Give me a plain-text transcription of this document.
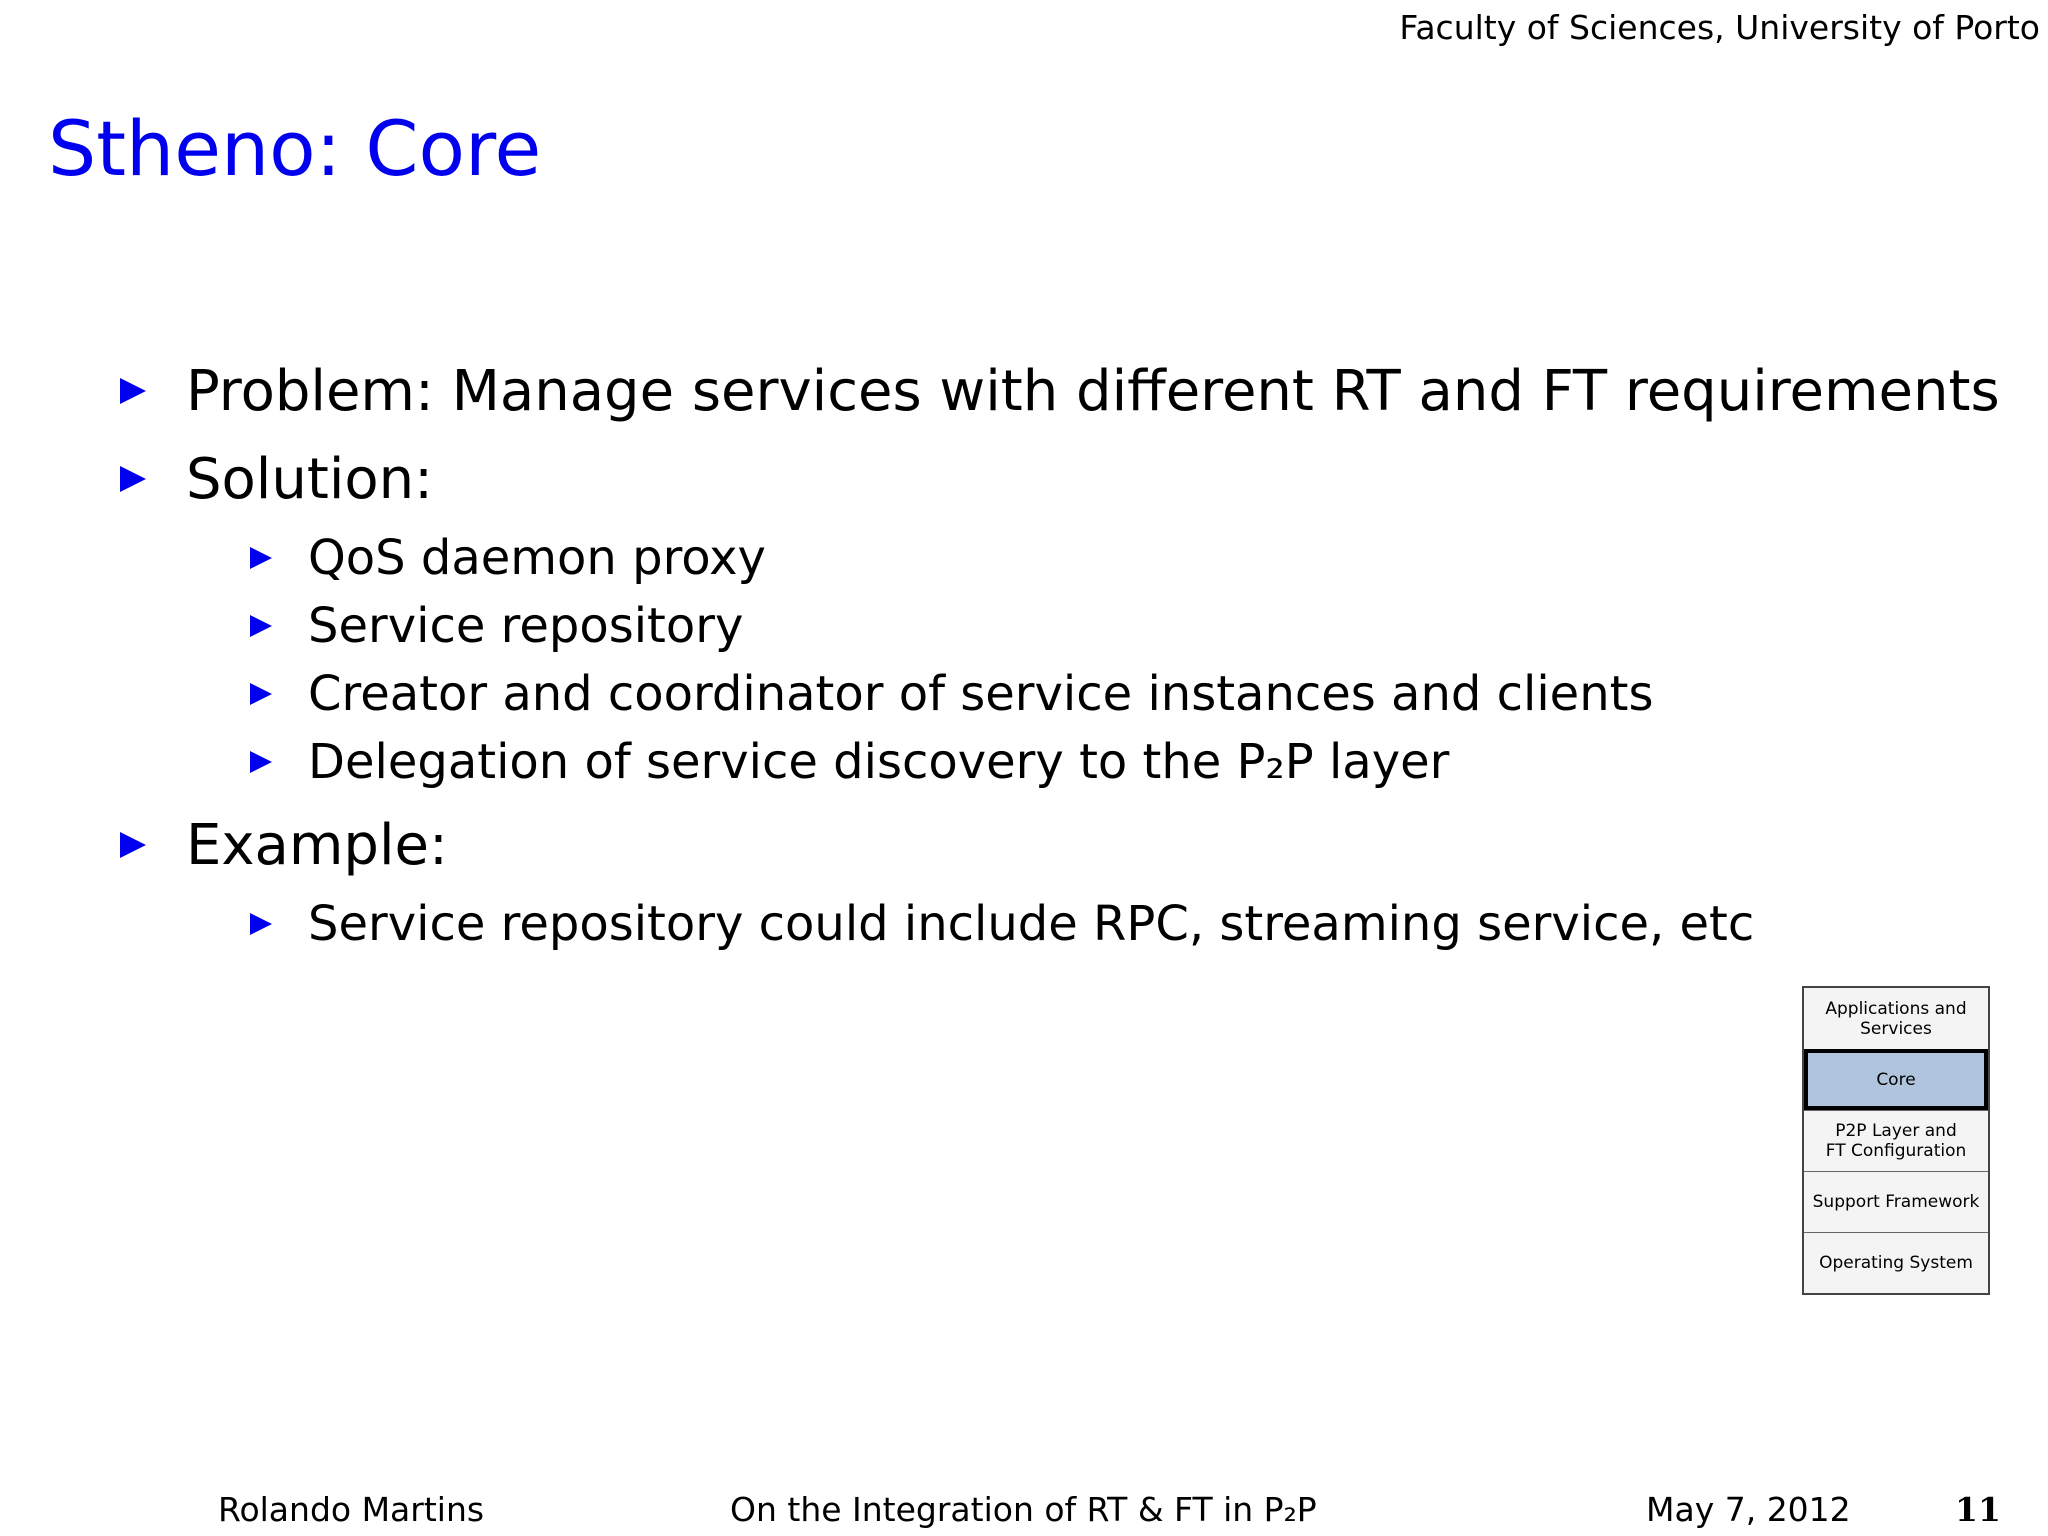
Faculty of Sciences, University of Porto
Stheno: Core
Problem: Manage services with different RT and FT requirements
Solution:
QoS daemon proxy
Service repository
Creator and coordinator of service instances and clients
Delegation of service discovery to the P₂P layer
Example:
Service repository could include RPC, streaming service, etc
Applications and
Services
Core
P2P Layer and
FT Configuration
Support Framework
Operating System
Rolando Martins	On the Integration of RT & FT in P₂P	May 7, 2012	11
